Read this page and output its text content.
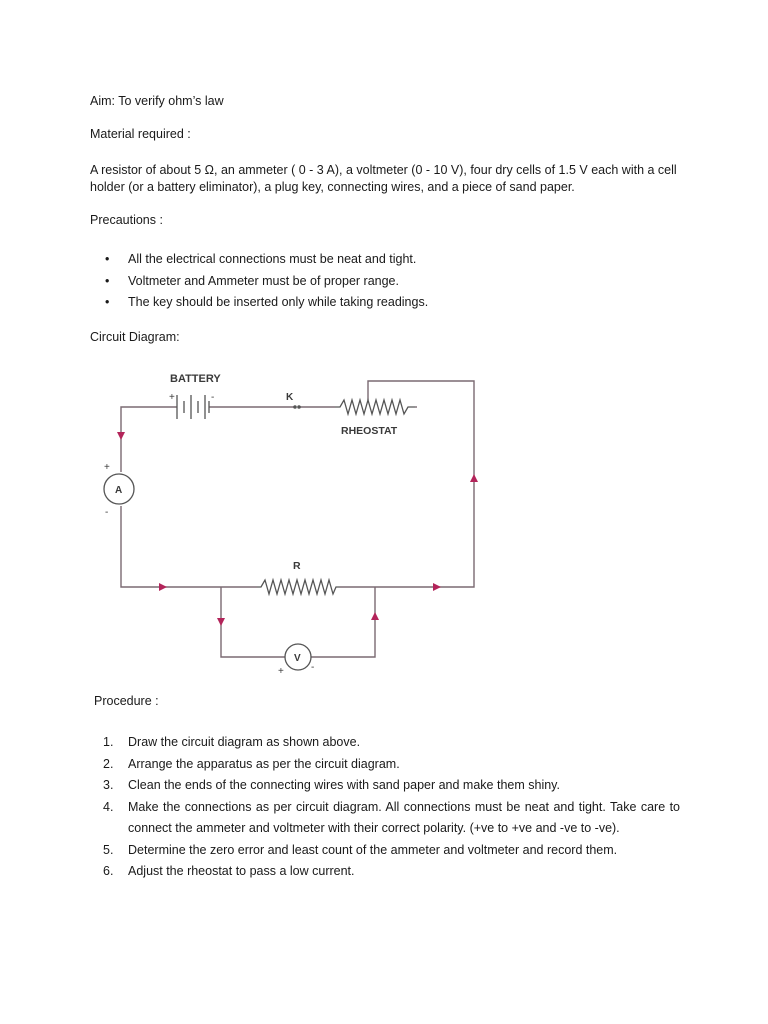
Aim: To verify ohm’s law

Material required :

A resistor of about 5 Ω, an ammeter ( 0 - 3 A), a voltmeter (0 - 10 V), four dry cells of 1.5 V each with a cell holder (or a battery eliminator), a plug key, connecting wires, and a piece of sand paper.

Precautions :

• All the electrical connections must be neat and tight.
• Voltmeter and Ammeter must be of proper range.
• The key should be inserted only while taking readings.

Circuit Diagram:

BATTERY
+	-	K
RHEOSTAT
A
+
-
R
V
+	-

Procedure :

1. Draw the circuit diagram as shown above.
2. Arrange the apparatus as per the circuit diagram.
3. Clean the ends of the connecting wires with sand paper and make them shiny.
4. Make the connections as per circuit diagram. All connections must be neat and tight. Take care to connect the ammeter and voltmeter with their correct polarity. (+ve to +ve and -ve to -ve).
5. Determine the zero error and least count of the ammeter and voltmeter and record them.
6. Adjust the rheostat to pass a low current.
